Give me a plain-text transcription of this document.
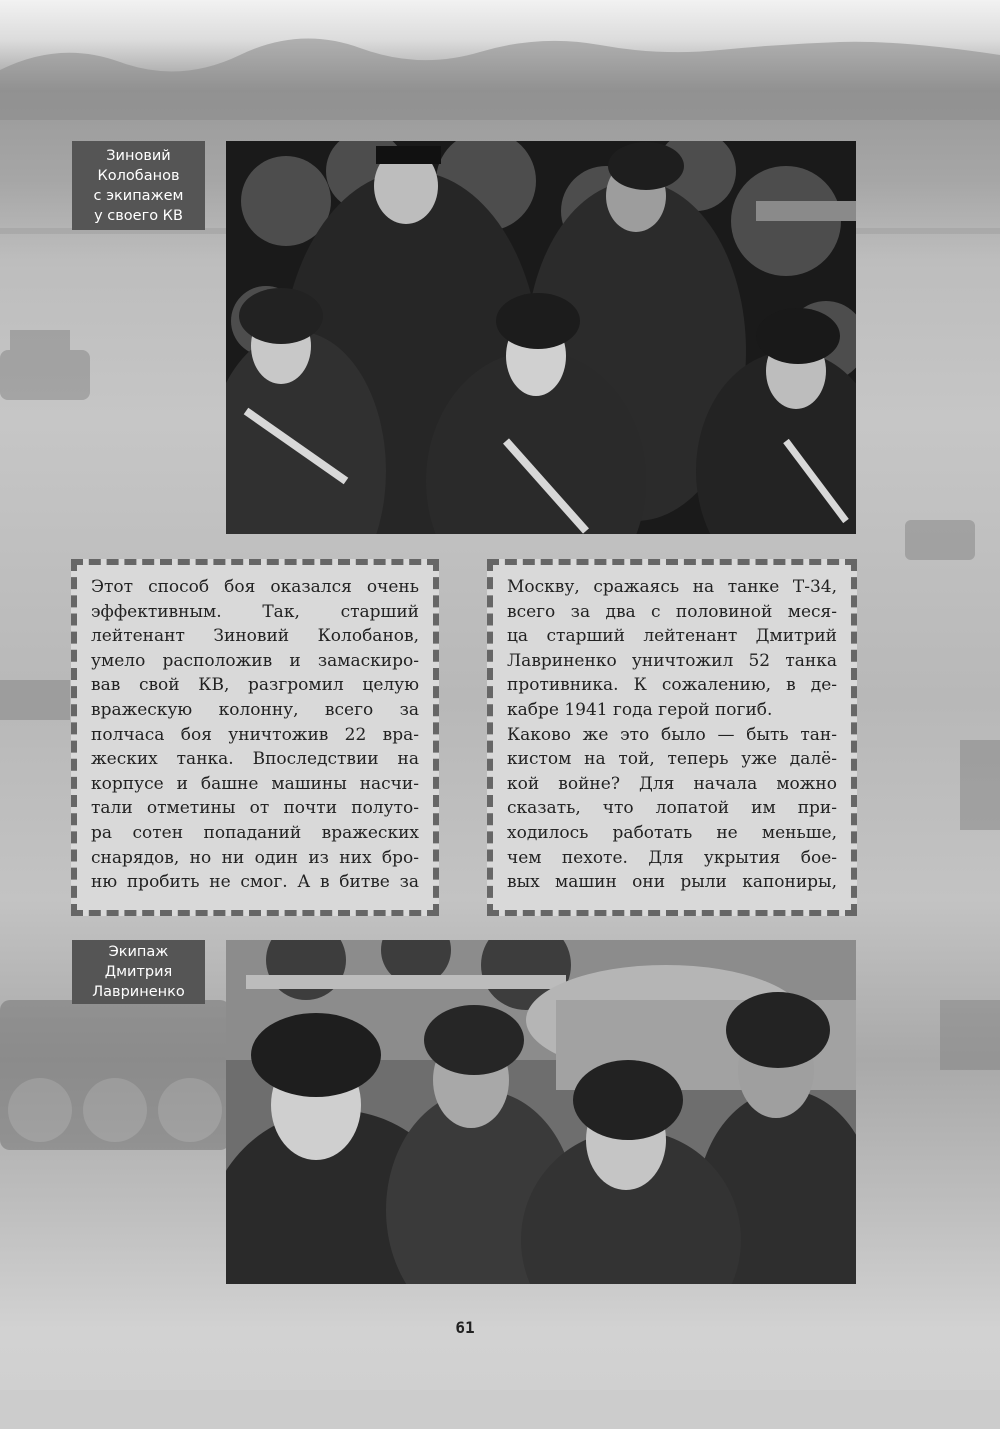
Зиновий
Колобанов
с экипажем
у своего КВ
Этот способ боя оказался очень
эффективным. Так, старший
лейтенант Зиновий Колобанов,
умело расположив и замаскиро-
вав свой КВ, разгромил целую
вражескую колонну, всего за
полчаса боя уничтожив 22 вра-
жеских танка. Впоследствии на
корпусе и башне машины насчи-
тали отметины от почти полуто-
ра сотен попаданий вражеских
снарядов, но ни один из них бро-
ню пробить не смог. А в битве за
Москву, сражаясь на танке Т-34,
всего за два с половиной меся-
ца старший лейтенант Дмитрий
Лавриненко уничтожил 52 танка
противника. К сожалению, в де-
кабре 1941 года герой погиб.
Каково же это было — быть тан-
кистом на той, теперь уже далё-
кой войне? Для начала можно
сказать, что лопатой им при-
ходилось работать не меньше,
чем пехоте. Для укрытия боe-
вых машин они рыли капониры,
Экипаж
Дмитрия
Лавриненко
61
